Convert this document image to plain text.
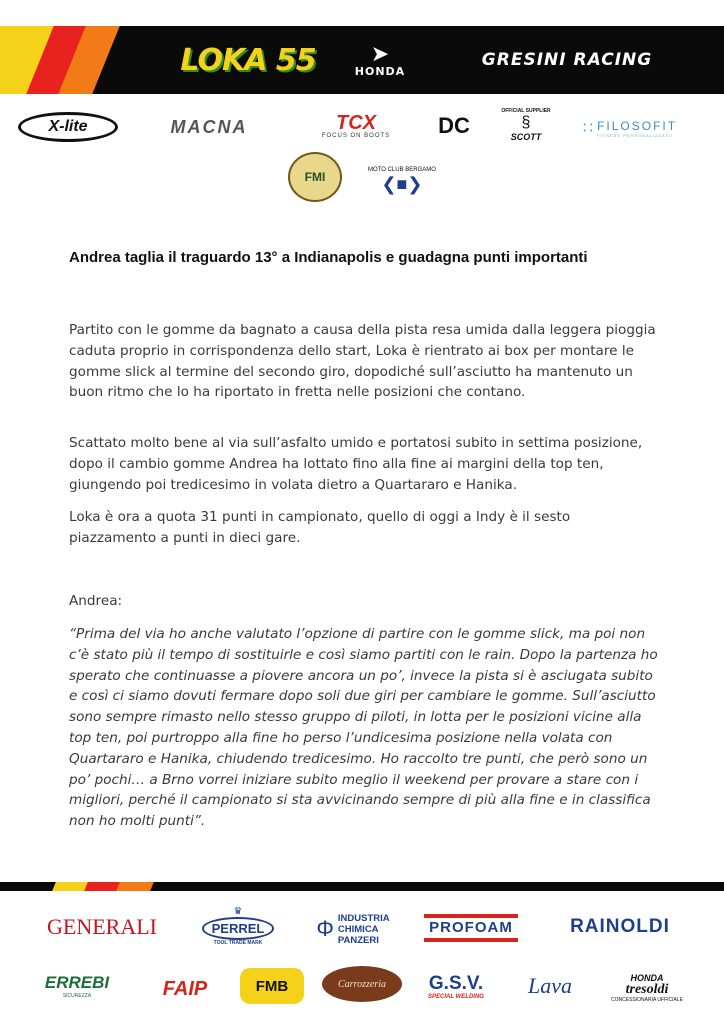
LOKA 55	➤
HONDA
GRESINI RACING
X-lite	MACNA	TCX
FOCUS ON BOOTS DC
OFFICIAL SUPPLIER
§
SCOTT	∷ FILOSOFIT
FITNESS PERSONALIZZATO
FMI	MOTO CLUB BERGAMO
❮■❯
Andrea taglia il traguardo 13° a Indianapolis e guadagna punti importanti

Partito con le gomme da bagnato a causa della pista resa umida dalla leggera pioggia caduta proprio in corrispondenza dello start, Loka è rientrato ai box per montare le gomme slick al termine del secondo giro, dopodiché sull’asciutto ha mantenuto un buon ritmo che lo ha riportato in fretta nelle posizioni che contano.

Scattato molto bene al via sull’asfalto umido e portatosi subito in settima posizione, dopo il cambio gomme Andrea ha lottato fino alla fine ai margini della top ten, giungendo poi tredicesimo in volata dietro a Quartararo e Hanika.

Loka è ora a quota 31 punti in campionato, quello di oggi a Indy è il sesto piazzamento a punti in dieci gare.

Andrea:

“Prima del via ho anche valutato l’opzione di partire con le gomme slick, ma poi non c’è stato più il tempo di sostituirle e così siamo partiti con le rain. Dopo la partenza ho sperato che continuasse a piovere ancora un po’, invece la pista si è asciugata subito e così ci siamo dovuti fermare dopo soli due giri per cambiare le gomme. Sull’asciutto sono sempre rimasto nello stesso gruppo di piloti, in lotta per le posizioni vicine alla top ten, poi purtroppo alla fine ho perso l’undicesima posizione nella volata con Quartararo e Hanika, chiudendo tredicesimo. Ho raccolto tre punti, che però sono un po’ pochi… a Brno vorrei iniziare subito meglio il weekend per provare a stare con i migliori, perché il campionato si sta avvicinando sempre di più alla fine e in classifica non ho molti punti”.

GENERALI
♛
PERREL
TOOL TRADE MARK
Φ INDUSTRIA
CHIMICA
PANZERI
PROFOAM	RAINOLDI
ERREBI
SICUREZZA	FAIP	FMB	Carrozzeria	G.S.V.
SPECIAL WELDING	Lava	HONDA
tresoldi
CONCESSIONARIA UFFICIALE
